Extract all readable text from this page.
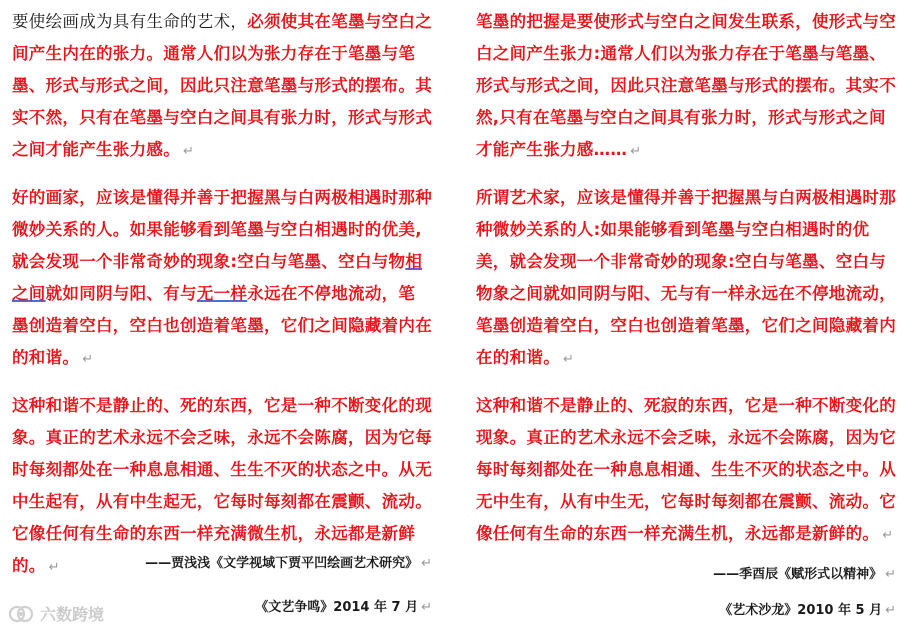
要使绘画成为具有生命的艺术，必须使其在笔墨与空白之间产生内在的张力。通常人们以为张力存在于笔墨与笔墨、形式与形式之间，因此只注意笔墨与形式的摆布。其实不然，只有在笔墨与空白之间具有张力时，形式与形式之间才能产生张力感。 ↵

好的画家，应该是懂得并善于把握黑与白两极相遇时那种微妙关系的人。如果能够看到笔墨与空白相遇时的优美,就会发现一个非常奇妙的现象:空白与笔墨、空白与物相之间就如同阴与阳、有与无一样永远在不停地流动，笔墨创造着空白，空白也创造着笔墨，它们之间隐藏着内在的和谐。 ↵

这种和谐不是静止的、死的东西，它是一种不断变化的现象。真正的艺术永远不会乏味，永远不会陈腐，因为它每时每刻都处在一种息息相通、生生不灭的状态之中。从无中生起有，从有中生起无，它每时每刻都在震颤、流动。它像任何有生命的东西一样充满微生机，永远都是新鲜的。 ↵	——贾浅浅《文学视域下贾平凹绘画艺术研究》 ↵

《文艺争鸣》2014 年 7 月 ↵

笔墨的把握是要使形式与空白之间发生联系，使形式与空白之间产生张力:通常人们以为张力存在于笔墨与笔墨、形式与形式之间，因此只注意笔墨与形式的摆布。其实不然,只有在笔墨与空白之间具有张力时，形式与形式之间才能产生张力感…… ↵

所谓艺术家，应该是懂得并善于把握黑与白两极相遇时那种微妙关系的人:如果能够看到笔墨与空白相遇时的优美，就会发现一个非常奇妙的现象:空白与笔墨、空白与物象之间就如同阴与阳、无与有一样永远在不停地流动，笔墨创造着空白，空白也创造着笔墨，它们之间隐藏着内在的和谐。 ↵

这种和谐不是静止的、死寂的东西，它是一种不断变化的现象。真正的艺术永远不会乏味，永远不会陈腐，因为它每时每刻都处在一种息息相通、生生不灭的状态之中。从无中生有，从有中生无，它每时每刻都在震颤、流动。它像任何有生命的东西一样充满生机，永远都是新鲜的。 ↵

——季酉辰《赋形式以精神》 ↵

《艺术沙龙》2010 年 5 月 ↵

六数跨境
